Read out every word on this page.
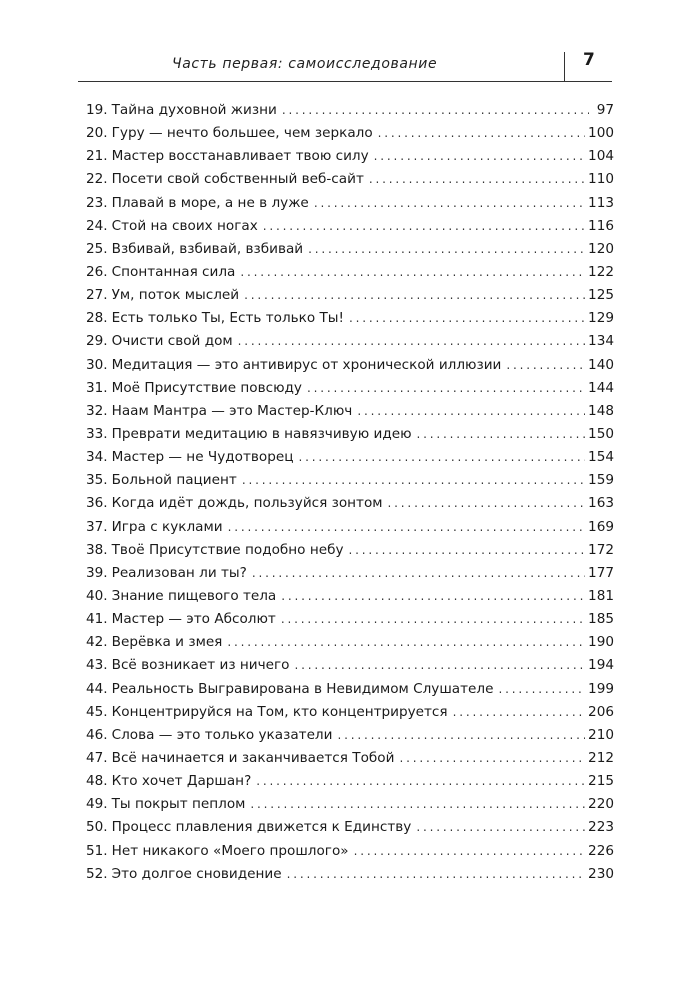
Часть первая: самоисследование	7
19. Тайна духовной жизни . . .	97
20. Гуру — нечто большее, чем зеркало . . .	100
21. Мастер восстанавливает твою силу . . .	104
22. Посети свой собственный веб-сайт . . .	110
23. Плавай в море, а не в луже . . .	113
24. Стой на своих ногах . . .	116
25. Взбивай, взбивай, взбивай . . .	120
26. Спонтанная сила . . .	122
27. Ум, поток мыслей . . .	125
28. Есть только Ты, Есть только Ты! . . .	129
29. Очисти свой дом . . .	134
30. Медитация — это антивирус от хронической иллюзии . . .	140
31. Моё Присутствие повсюду . . .	144
32. Наам Мантра — это Мастер-Ключ . . .	148
33. Преврати медитацию в навязчивую идею . . .	150
34. Мастер — не Чудотворец . . .	154
35. Больной пациент . . .	159
36. Когда идёт дождь, пользуйся зонтом . . .	163
37. Игра с куклами . . .	169
38. Твоё Присутствие подобно небу . . .	172
39. Реализован ли ты? . . .	177
40. Знание пищевого тела . . .	181
41. Мастер — это Абсолют . . .	185
42. Верёвка и змея . . .	190
43. Всё возникает из ничего . . .	194
44. Реальность Выгравирована в Невидимом Слушателе . . .	199
45. Концентрируйся на Том, кто концентрируется . . .	206
46. Слова — это только указатели . . .	210
47. Всё начинается и заканчивается Тобой . . .	212
48. Кто хочет Даршан? . . .	215
49. Ты покрыт пеплом . . .	220
50. Процесс плавления движется к Единству . . .	223
51. Нет никакого «Моего прошлого» . . .	226
52. Это долгое сновидение . . .	230
